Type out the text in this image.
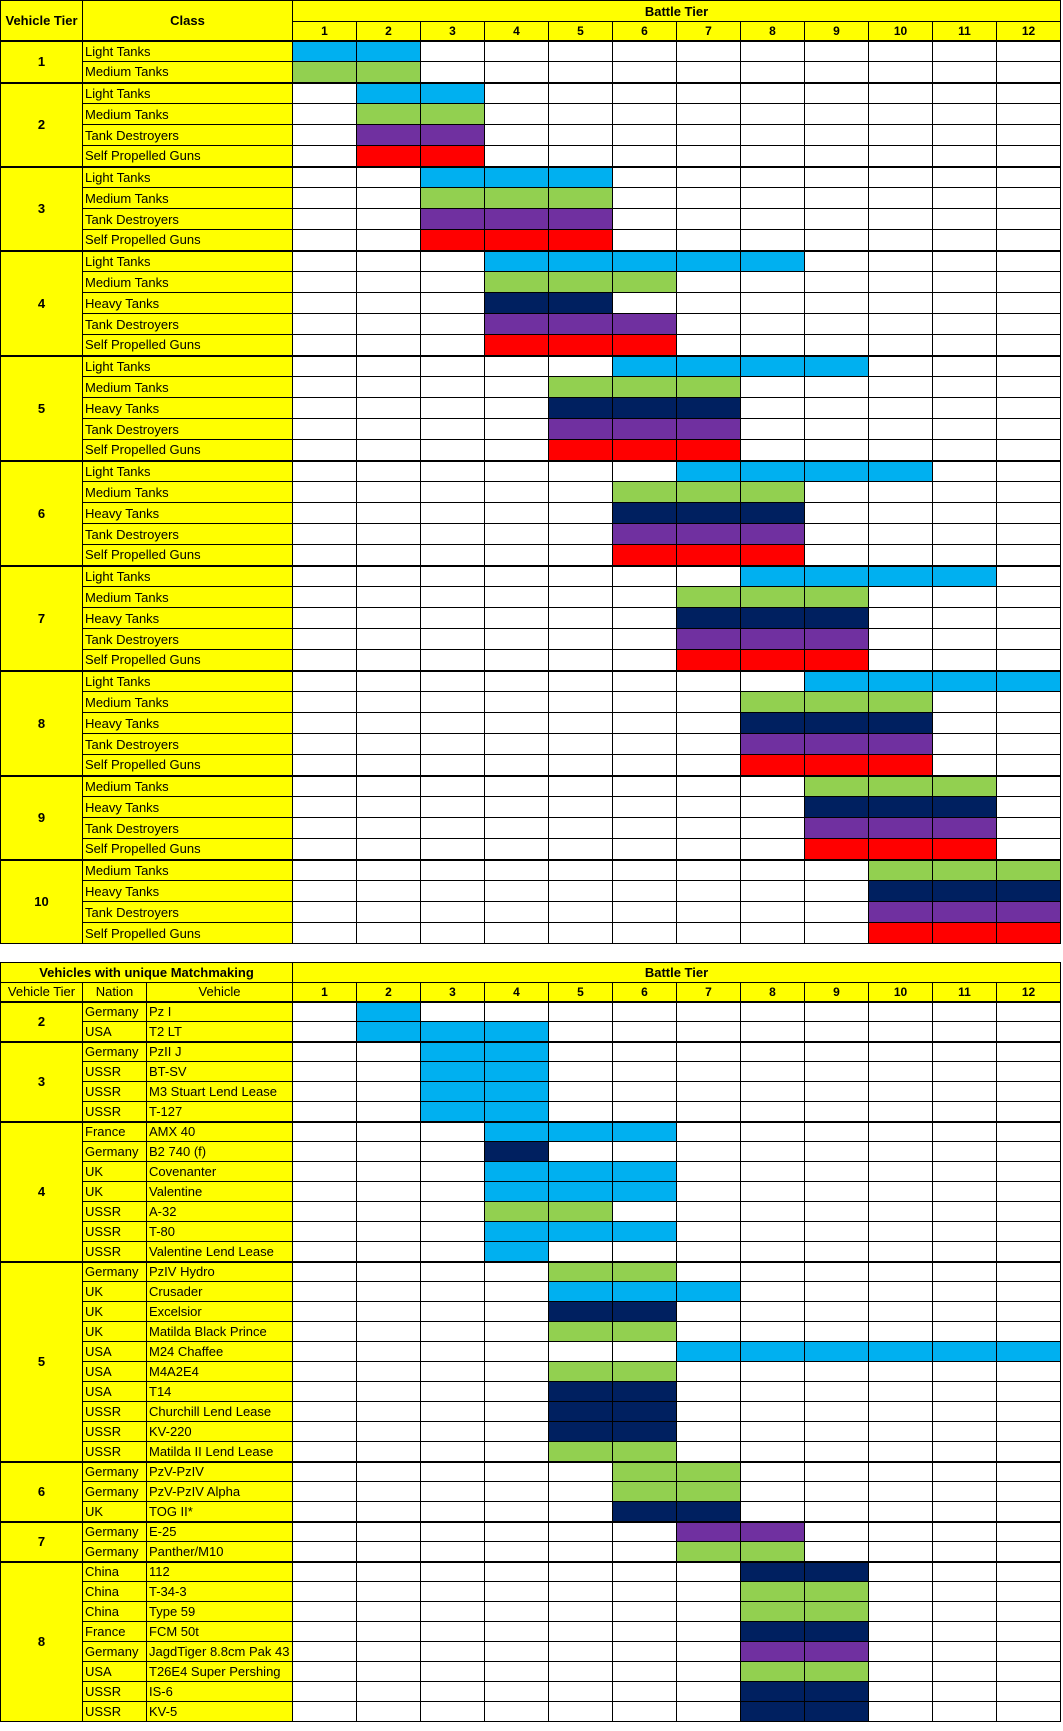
Vehicle Tier	Class	Battle Tier											
		1	2	3	4	5	6	7	8	9	10	11	12
1	Light Tanks												
	Medium Tanks												
2	Light Tanks												
	Medium Tanks												
	Tank Destroyers												
	Self Propelled Guns												
3	Light Tanks												
	Medium Tanks												
	Tank Destroyers												
	Self Propelled Guns												
4	Light Tanks												
	Medium Tanks												
	Heavy Tanks												
	Tank Destroyers												
	Self Propelled Guns												
5	Light Tanks												
	Medium Tanks												
	Heavy Tanks												
	Tank Destroyers												
	Self Propelled Guns												
6	Light Tanks												
	Medium Tanks												
	Heavy Tanks												
	Tank Destroyers												
	Self Propelled Guns												
7	Light Tanks												
	Medium Tanks												
	Heavy Tanks												
	Tank Destroyers												
	Self Propelled Guns												
8	Light Tanks												
	Medium Tanks												
	Heavy Tanks												
	Tank Destroyers												
	Self Propelled Guns												
9	Medium Tanks												
	Heavy Tanks												
	Tank Destroyers												
	Self Propelled Guns												
10	Medium Tanks												
	Heavy Tanks												
	Tank Destroyers												
	Self Propelled Guns												
Vehicles with unique Matchmaking			Battle Tier											
Vehicle Tier	Nation	Vehicle	1	2	3	4	5	6	7	8	9	10	11	12
2	Germany	Pz I												
	USA	T2 LT												
3	Germany	PzII J												
	USSR	BT-SV												
	USSR	M3 Stuart Lend Lease												
	USSR	T-127												
4	France	AMX 40												
	Germany	B2 740 (f)												
	UK	Covenanter												
	UK	Valentine												
	USSR	A-32												
	USSR	T-80												
	USSR	Valentine Lend Lease												
5	Germany	PzIV Hydro												
	UK	Crusader												
	UK	Excelsior												
	UK	Matilda Black Prince												
	USA	M24 Chaffee												
	USA	M4A2E4												
	USA	T14												
	USSR	Churchill Lend Lease												
	USSR	KV-220												
	USSR	Matilda II Lend Lease												
6	Germany	PzV-PzIV												
	Germany	PzV-PzIV Alpha												
	UK	TOG II*												
7	Germany	E-25												
	Germany	Panther/M10												
8	China	112												
	China	T-34-3												
	China	Type 59												
	France	FCM 50t												
	Germany	JagdTiger 8.8cm Pak 43												
	USA	T26E4 Super Pershing												
	USSR	IS-6												
	USSR	KV-5												
